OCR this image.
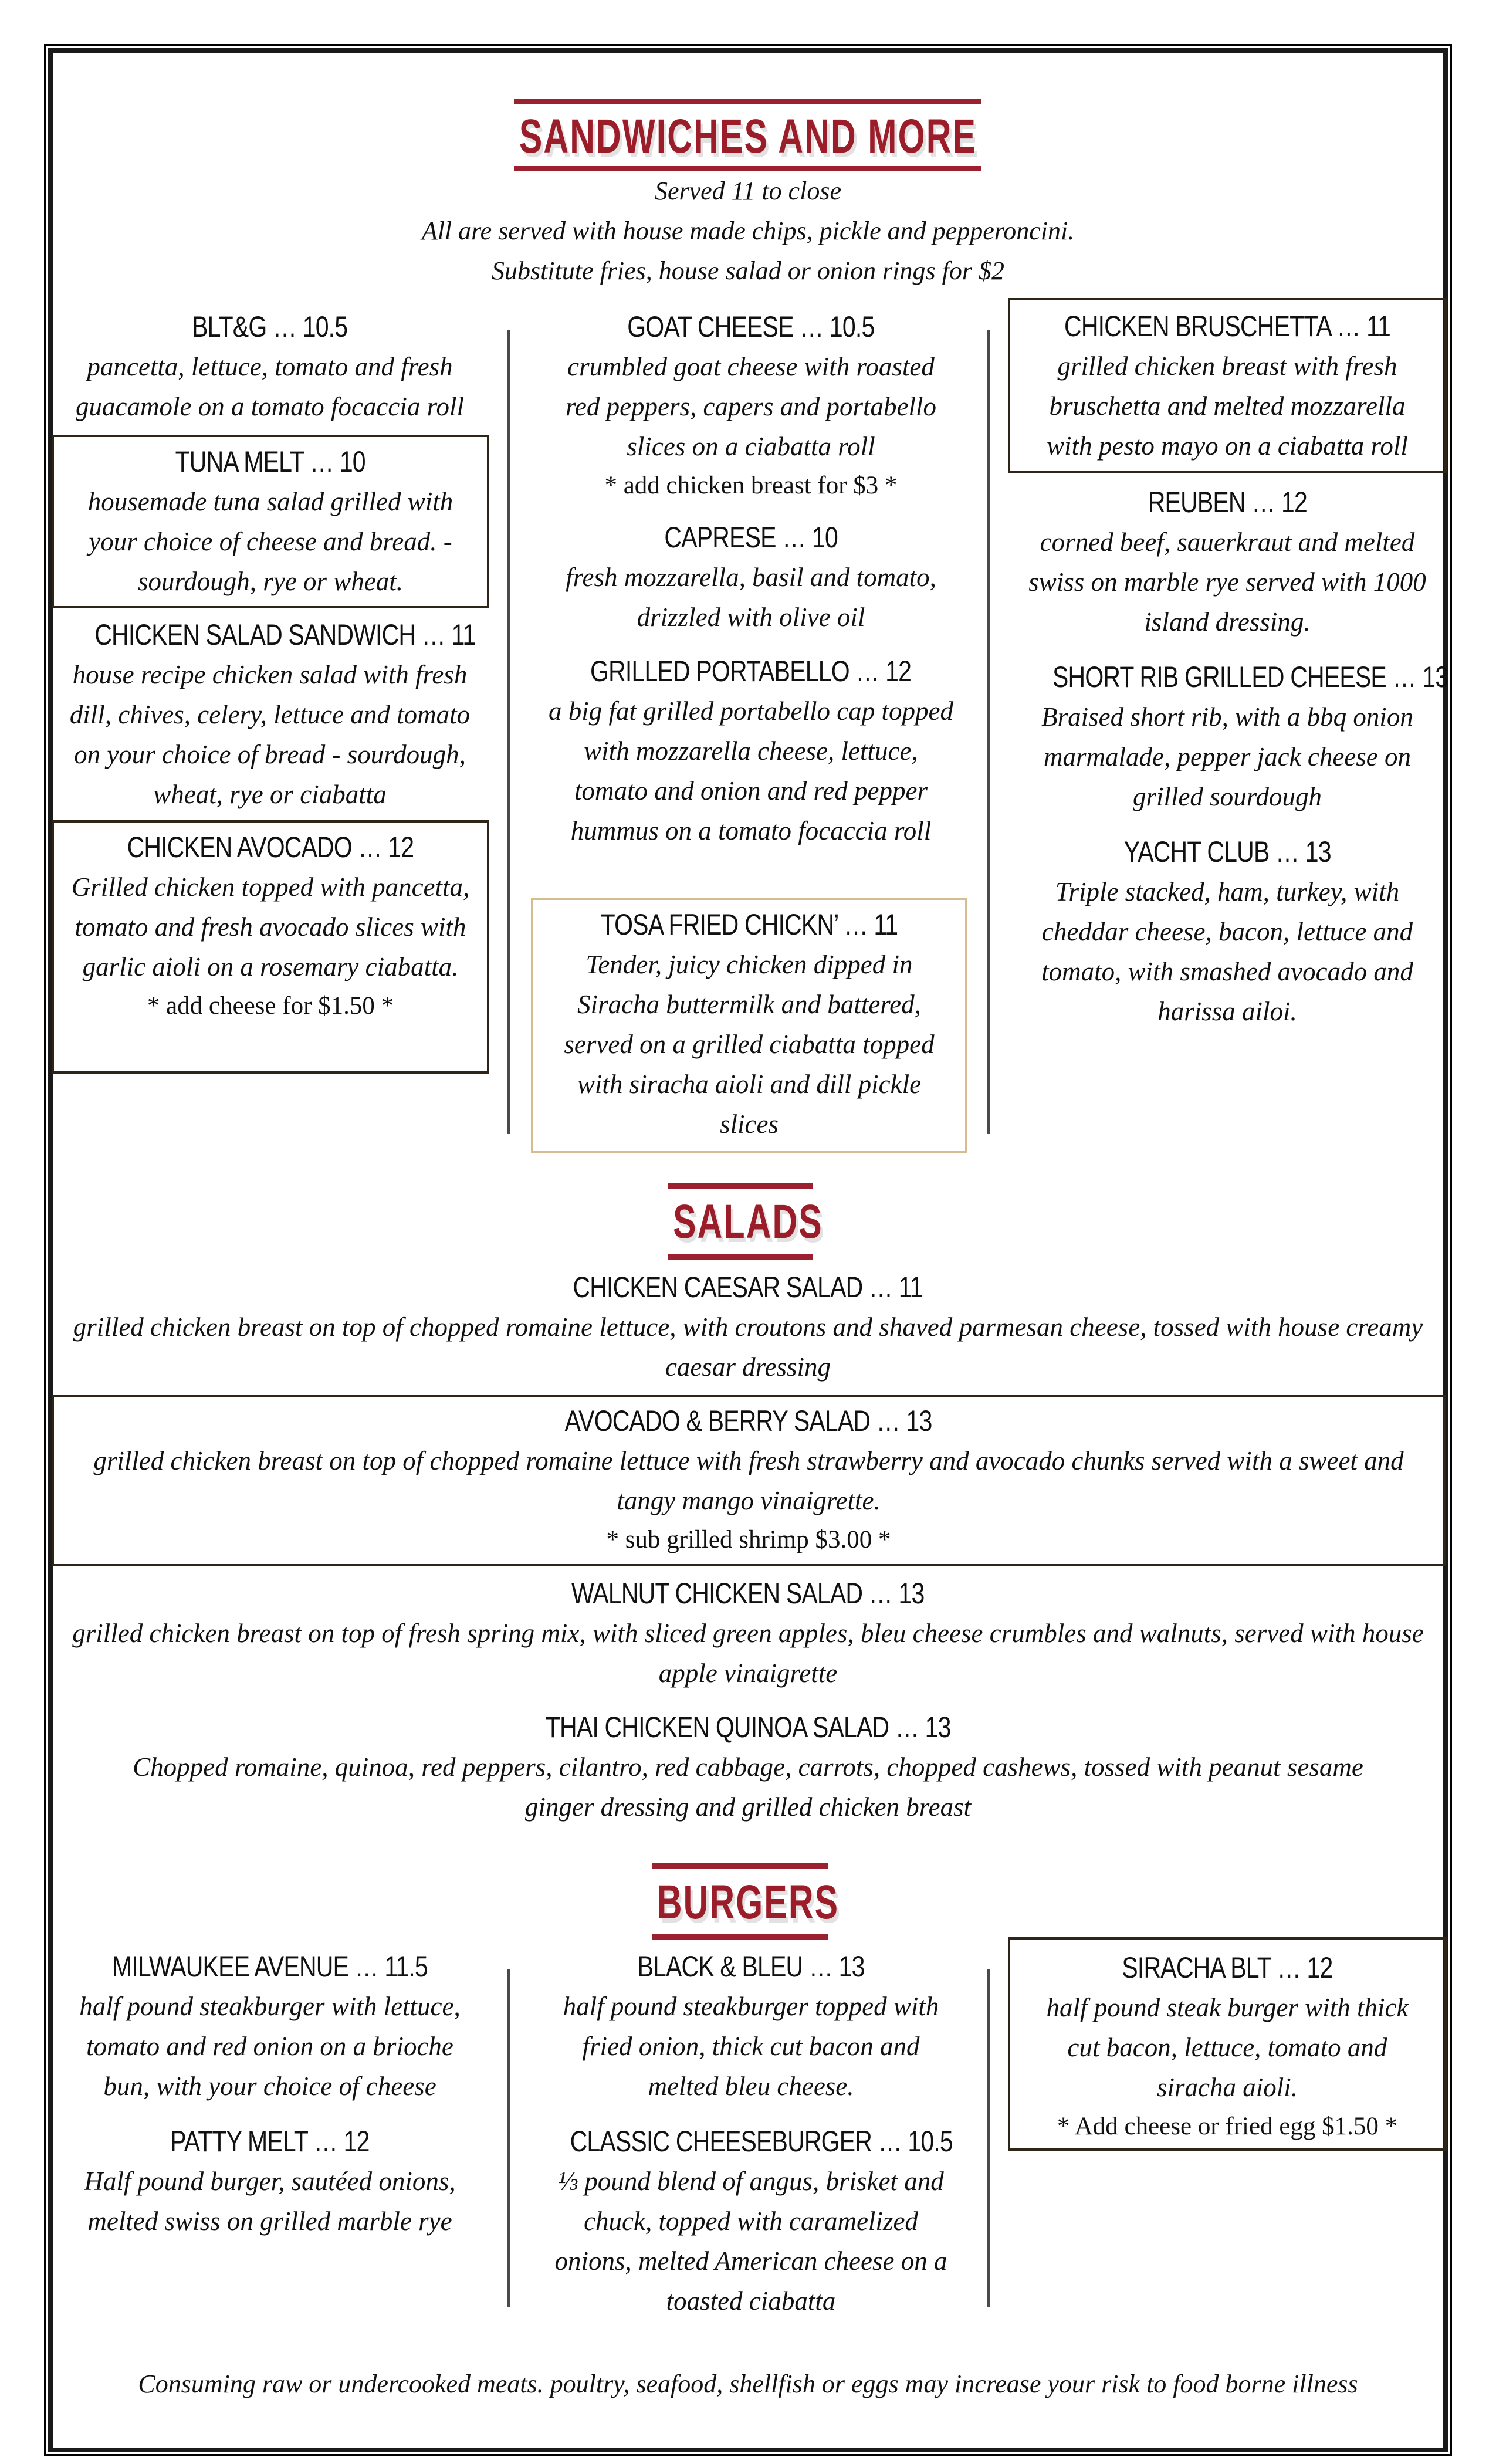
SANDWICHES AND MORE
Served 11 to close
All are served with house made chips, pickle and pepperoncini.
Substitute fries, house salad or onion rings for $2
BLT&G … 10.5
pancetta, lettuce, tomato and fresh guacamole on a tomato focaccia roll
TUNA MELT … 10
housemade tuna salad grilled with your choice of cheese and bread. - sourdough, rye or wheat.
CHICKEN SALAD SANDWICH … 11
house recipe chicken salad with fresh dill, chives, celery, lettuce and tomato on your choice of bread - sourdough, wheat, rye or ciabatta
CHICKEN AVOCADO … 12
Grilled chicken topped with pancetta, tomato and fresh avocado slices with garlic aioli on a rosemary ciabatta.
* add cheese for $1.50 *
GOAT CHEESE … 10.5
crumbled goat cheese with roasted red peppers, capers and portabello slices on a ciabatta roll
* add chicken breast for $3 *
CAPRESE … 10
fresh mozzarella, basil and tomato, drizzled with olive oil
GRILLED PORTABELLO … 12
a big fat grilled portabello cap topped with mozzarella cheese, lettuce, tomato and onion and red pepper hummus on a tomato focaccia roll
TOSA FRIED CHICKN’ … 11
Tender, juicy chicken dipped in Siracha buttermilk and battered, served on a grilled ciabatta topped with siracha aioli and dill pickle slices
CHICKEN BRUSCHETTA … 11
grilled chicken breast with fresh bruschetta and melted mozzarella with pesto mayo on a ciabatta roll
REUBEN … 12
corned beef, sauerkraut and melted swiss on marble rye served with 1000 island dressing.
SHORT RIB GRILLED CHEESE … 13
Braised short rib, with a bbq onion marmalade, pepper jack cheese on grilled sourdough
YACHT CLUB … 13
Triple stacked, ham, turkey, with cheddar cheese, bacon, lettuce and tomato, with smashed avocado and harissa ailoi.
SALADS
CHICKEN CAESAR SALAD … 11
grilled chicken breast on top of chopped romaine lettuce, with croutons and shaved parmesan cheese, tossed with house creamy caesar dressing
AVOCADO & BERRY SALAD … 13
grilled chicken breast on top of chopped romaine lettuce with fresh strawberry and avocado chunks served with a sweet and tangy mango vinaigrette.
* sub grilled shrimp $3.00 *
WALNUT CHICKEN SALAD … 13
grilled chicken breast on top of fresh spring mix, with sliced green apples, bleu cheese crumbles and walnuts, served with house apple vinaigrette
THAI CHICKEN QUINOA SALAD … 13
Chopped romaine, quinoa, red peppers, cilantro, red cabbage, carrots, chopped cashews, tossed with peanut sesame ginger dressing and grilled chicken breast
BURGERS
MILWAUKEE AVENUE … 11.5
half pound steakburger with lettuce, tomato and red onion on a brioche bun, with your choice of cheese
PATTY MELT … 12
Half pound burger, sautéed onions, melted swiss on grilled marble rye
BLACK & BLEU … 13
half pound steakburger topped with fried onion, thick cut bacon and melted bleu cheese.
CLASSIC CHEESEBURGER … 10.5
⅓ pound blend of angus, brisket and chuck, topped with caramelized onions, melted American cheese on a toasted ciabatta
SIRACHA BLT … 12
half pound steak burger with thick cut bacon, lettuce, tomato and siracha aioli.
* Add cheese or fried egg $1.50 *
Consuming raw or undercooked meats. poultry, seafood, shellfish or eggs may increase your risk to food borne illness
